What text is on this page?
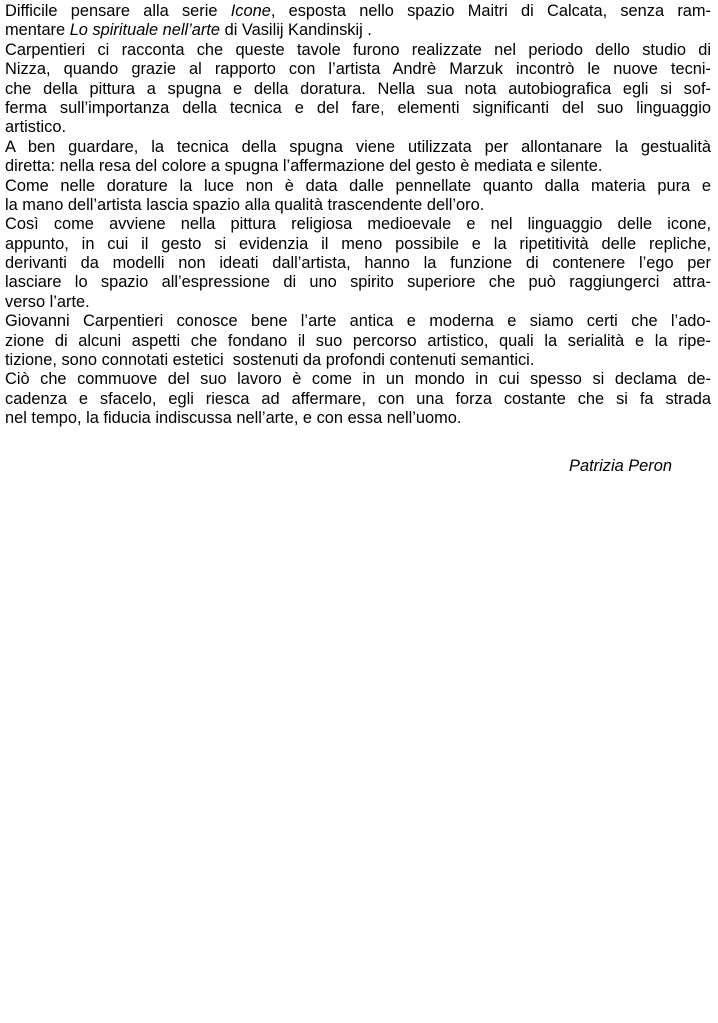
Difficile pensare alla serie Icone, esposta nello spazio Maitri di Calcata, senza ram-
mentare Lo spirituale nell’arte di Vasilij Kandinskij .
Carpentieri ci racconta che queste tavole furono realizzate nel periodo dello studio di
Nizza, quando grazie al rapporto con l’artista Andrè Marzuk incontrò le nuove tecni-
che della pittura a spugna e della doratura. Nella sua nota autobiografica egli si sof-
ferma sull’importanza della tecnica e del fare, elementi significanti del suo linguaggio
artistico.
A ben guardare, la tecnica della spugna viene utilizzata per allontanare la gestualità
diretta: nella resa del colore a spugna l’affermazione del gesto è mediata e silente.
Come nelle dorature la luce non è data dalle pennellate quanto dalla materia pura e
la mano dell’artista lascia spazio alla qualità trascendente dell’oro.
Così come avviene nella pittura religiosa medioevale e nel linguaggio delle icone,
appunto, in cui il gesto si evidenzia il meno possibile e la ripetitività delle repliche,
derivanti da modelli non ideati dall’artista, hanno la funzione di contenere l’ego per
lasciare lo spazio all’espressione di uno spirito superiore che può raggiungerci attra-
verso l’arte.
Giovanni Carpentieri conosce bene l’arte antica e moderna e siamo certi che l’ado-
zione di alcuni aspetti che fondano il suo percorso artistico, quali la serialità e la ripe-
tizione, sono connotati estetici  sostenuti da profondi contenuti semantici.
Ciò che commuove del suo lavoro è come in un mondo in cui spesso si declama de-
cadenza e sfacelo, egli riesca ad affermare, con una forza costante che si fa strada
nel tempo, la fiducia indiscussa nell’arte, e con essa nell’uomo.
Patrizia Peron
